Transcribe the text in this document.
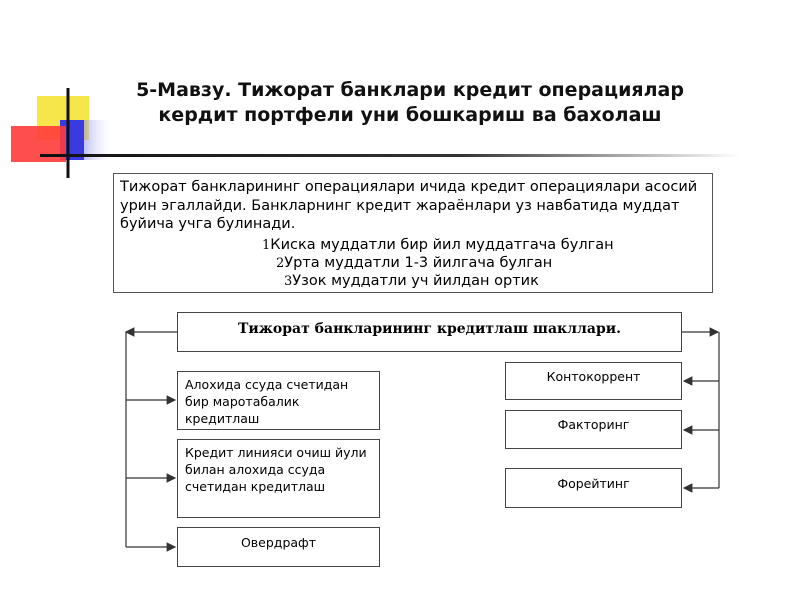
5-Мавзу. Тижорат банклари кредит операциялар
кердит портфели уни бошкариш ва бахолаш

Тижорат банкларининг операциялари ичида кредит операциялари асосий урин эгаллайди. Банкларнинг кредит жараёнлари уз навбатида муддат буйича учга булинади.

1Киска муддатли бир йил муддатгача булган
2Урта муддатли 1-3 йилгача булган
3Узок муддатли уч йилдан ортик
Тижорат банкларининг кредитлаш шакллари.
Алохида ссуда счетидан бир маротабалик кредитлаш
Кредит линияси очиш йули билан алохида ссуда счетидан кредитлаш
Овердрафт
Контокоррент
Факторинг
Форейтинг
